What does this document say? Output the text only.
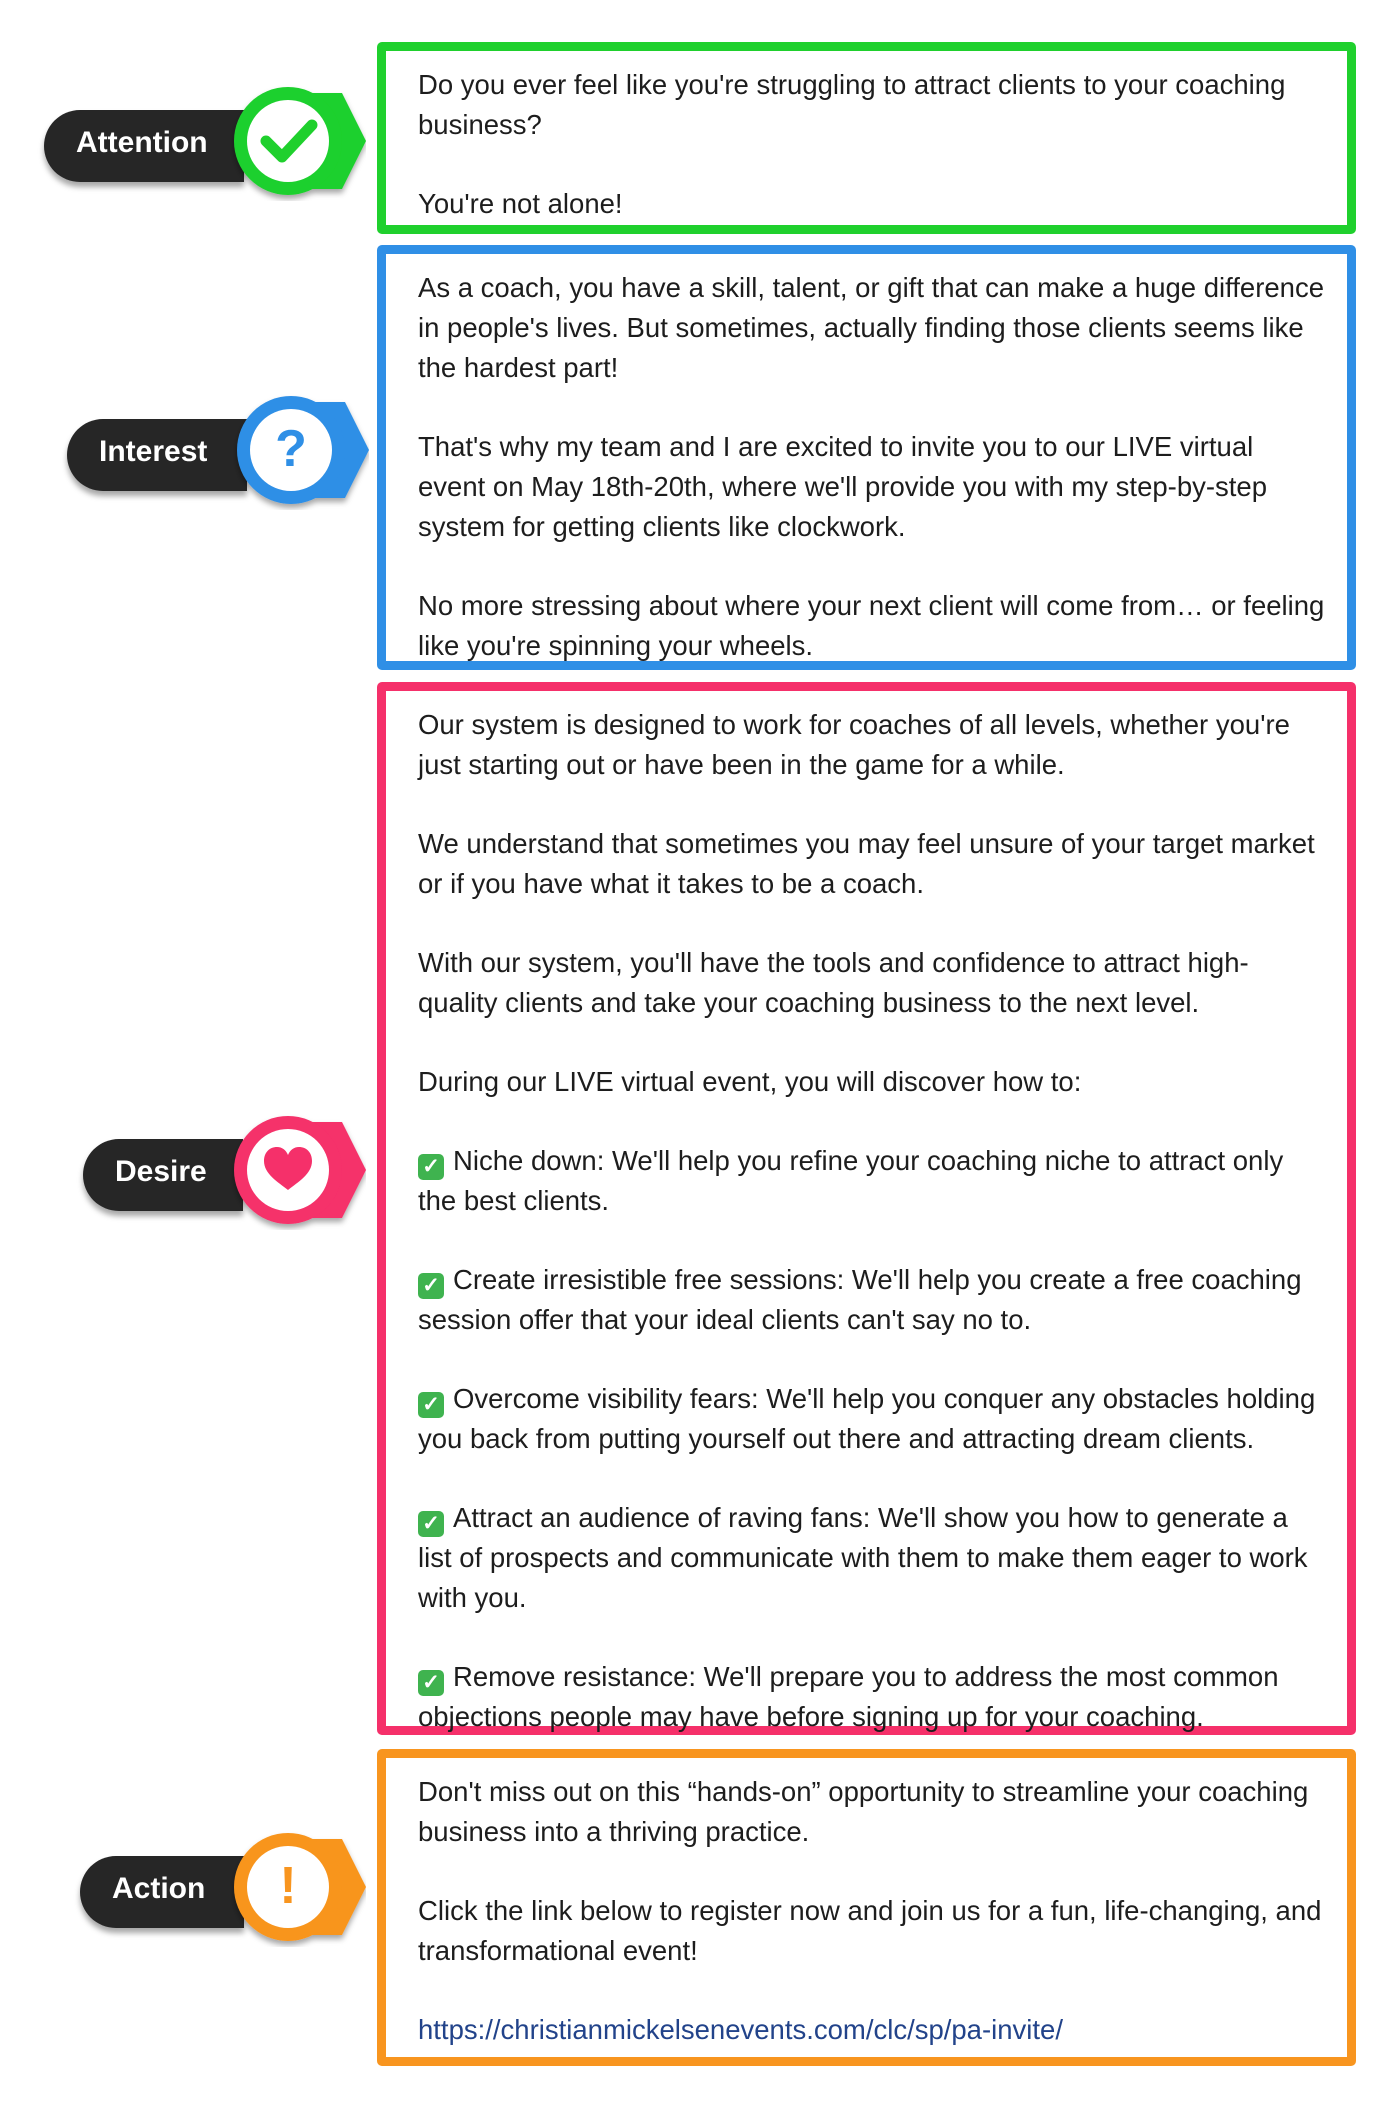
Attention

Do you ever feel like you're struggling to attract clients to your coaching business?

You're not alone!

Interest	?

As a coach, you have a skill, talent, or gift that can make a huge difference in people's lives. But sometimes, actually finding those clients seems like the hardest part!

That's why my team and I are excited to invite you to our LIVE virtual event on May 18th-20th, where we'll provide you with my step-by-step system for getting clients like clockwork.

No more stressing about where your next client will come from… or feeling like you're spinning your wheels.

Desire

Our system is designed to work for coaches of all levels, whether you're just starting out or have been in the game for a while.

We understand that sometimes you may feel unsure of your target market or if you have what it takes to be a coach.

With our system, you'll have the tools and confidence to attract high-quality clients and take your coaching business to the next level.

During our LIVE virtual event, you will discover how to:

✓ Niche down: We'll help you refine your coaching niche to attract only the best clients.

✓ Create irresistible free sessions: We'll help you create a free coaching session offer that your ideal clients can't say no to.

✓ Overcome visibility fears: We'll help you conquer any obstacles holding you back from putting yourself out there and attracting dream clients.

✓ Attract an audience of raving fans: We'll show you how to generate a list of prospects and communicate with them to make them eager to work with you.

✓ Remove resistance: We'll prepare you to address the most common objections people may have before signing up for your coaching.

Action	!

Don't miss out on this “hands-on” opportunity to streamline your coaching business into a thriving practice.

Click the link below to register now and join us for a fun, life-changing, and transformational event!

https://christianmickelsenevents.com/clc/sp/pa-invite/
